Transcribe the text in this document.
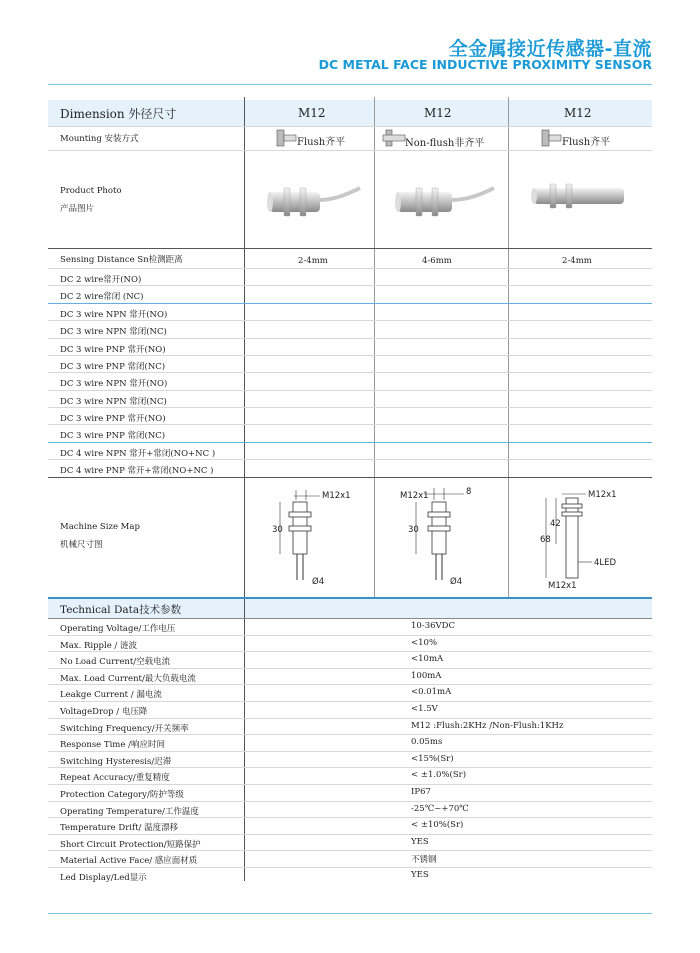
全金属接近传感器-直流
DC METAL FACE INDUCTIVE PROXIMITY SENSOR
Dimension 外径尺寸	M12	M12	M12
Mounting 安装方式	Flush齐平	Non-flush非齐平	Flush齐平
Product Photo
产品图片
Sensing Distance Sn检测距离	2-4mm	4-6mm	2-4mm
DC 2 wire常开(NO)
DC 2 wire常闭 (NC)
DC 3 wire NPN 常开(NO)
DC 3 wire NPN 常闭(NC)
DC 3 wire PNP 常开(NO)
DC 3 wire PNP 常闭(NC)
DC 3 wire NPN 常开(NO)
DC 3 wire NPN 常闭(NC)
DC 3 wire PNP 常开(NO)
DC 3 wire PNP 常闭(NC)
DC 4 wire NPN 常开+常闭(NO+NC )
DC 4 wire PNP 常开+常闭(NO+NC )
Machine Size Map
机械尺寸图
M12x1
30
Ø4
M12x1	8
30
Ø4
M12x1
42
68
4LED
M12x1
Technical Data技术参数
Operating Voltage/工作电压	10-36VDC
Max. Ripple / 涟波	<10%
No Load Current/空载电流	<10mA
Max. Load Current/最大负载电流	100mA
Leakge Current / 漏电流	<0.01mA
VoltageDrop / 电压降	<1.5V
Switching Frequency/开关频率	M12 :Flush:2KHz /Non-Flush:1KHz
Response Time /响应时间	0.05ms
Switching Hysteresis/迟滞	<15%(Sr)
Repeat Accuracy/重复精度	< ±1.0%(Sr)
Protection Category/防护等级	IP67
Operating Temperature/工作温度	-25℃~+70℃
Temperature Drift/ 温度漂移	< ±10%(Sr)
Short Circuit Protection/短路保护	YES
Material Active Face/ 感应面材质	不锈钢
Led Display/Led显示	YES
